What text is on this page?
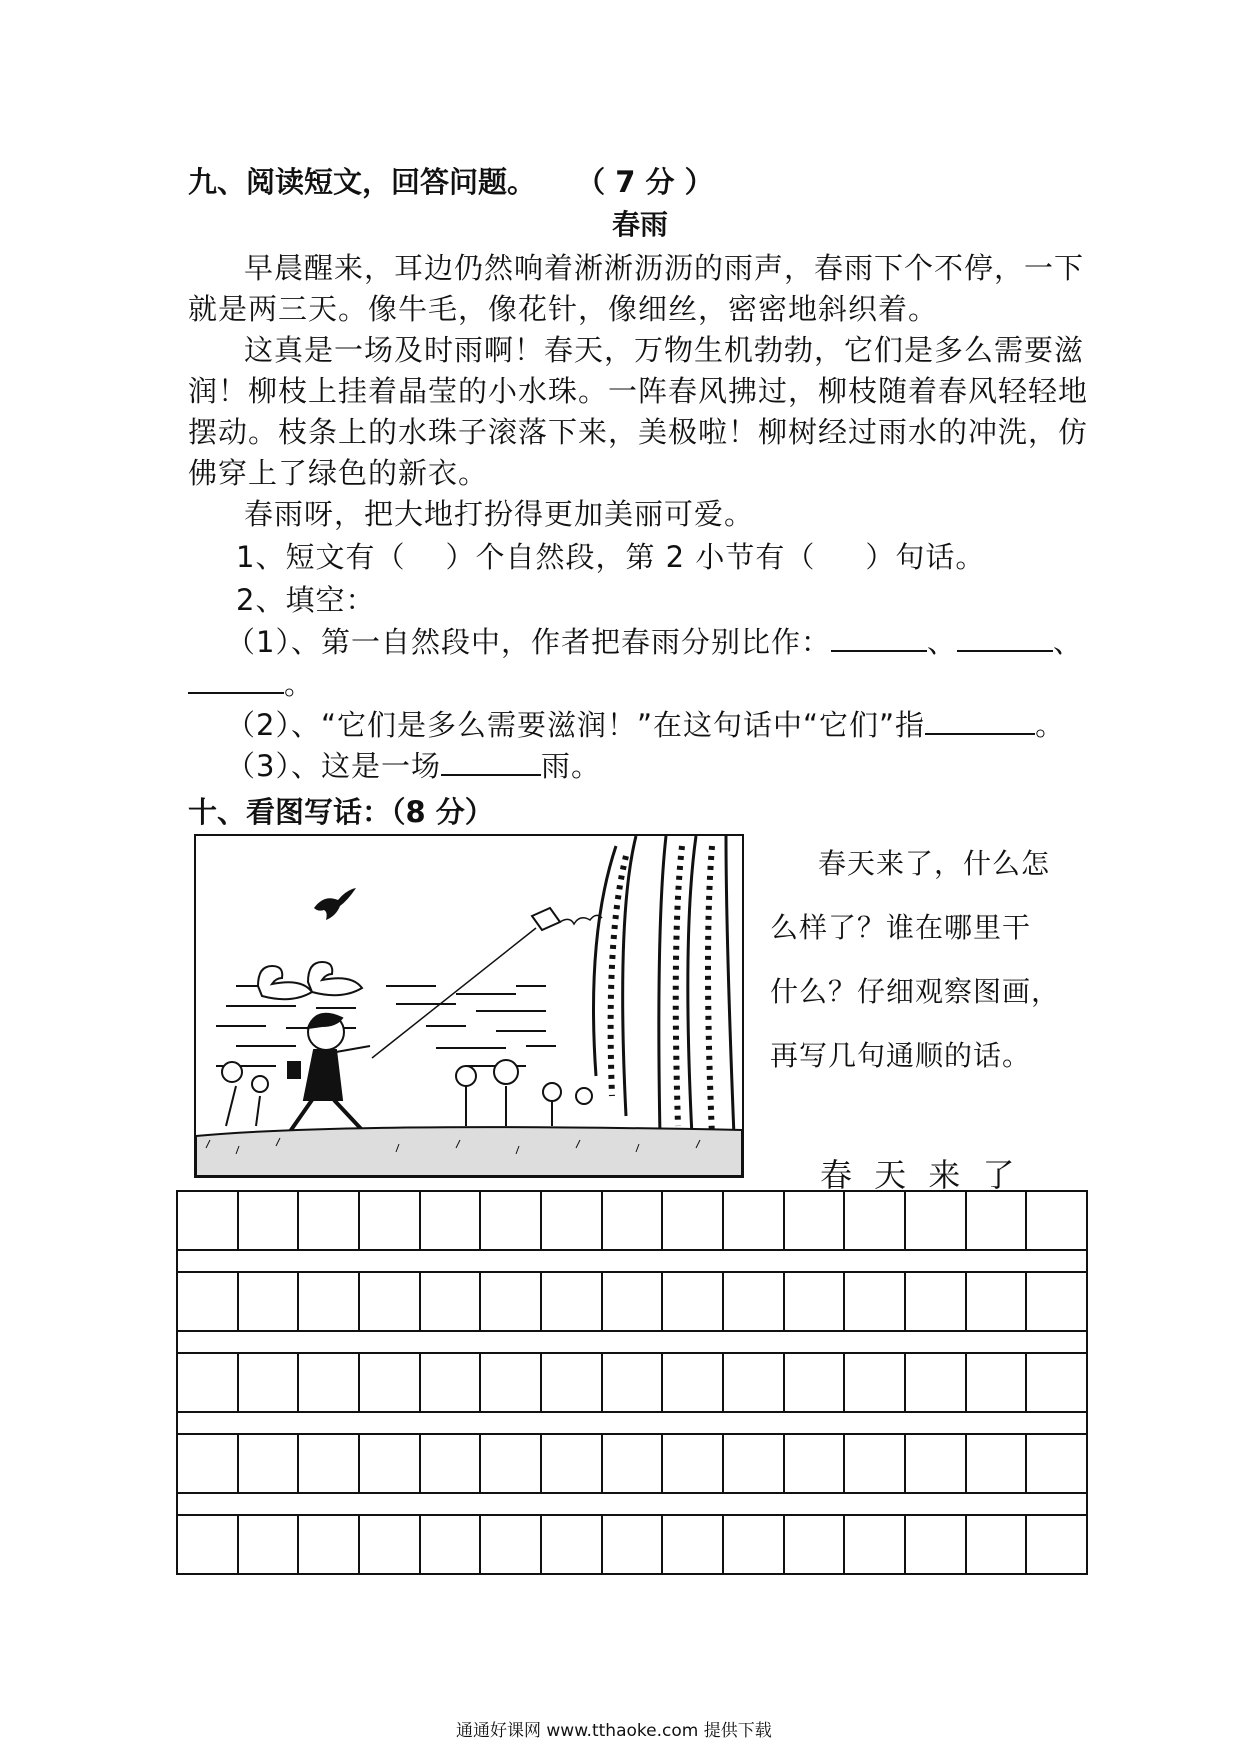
九、阅读短文，回答问题。 （ 7 分 ）
春雨
早晨醒来，耳边仍然响着淅淅沥沥的雨声，春雨下个不停，一下
就是两三天。像牛毛，像花针，像细丝，密密地斜织着。
这真是一场及时雨啊！春天，万物生机勃勃，它们是多么需要滋
润！柳枝上挂着晶莹的小水珠。一阵春风拂过，柳枝随着春风轻轻地
摆动。枝条上的水珠子滚落下来，美极啦！柳树经过雨水的冲洗，仿
佛穿上了绿色的新衣。
春雨呀，把大地打扮得更加美丽可爱。
1、短文有（ ）个自然段，第 2 小节有（ ）句话。
2、填空：
（1）、第一自然段中，作者把春雨分别比作：	、	、
。
（2）、“它们是多么需要滋润！”在这句话中“它们”指	。
（3）、这是一场	雨。
十、看图写话：（8 分）
春天来了，什么怎
么样了？谁在哪里干
什么？仔细观察图画，
再写几句通顺的话。
春 天 来 了
通通好课网 www.tthaoke.com 提供下载
